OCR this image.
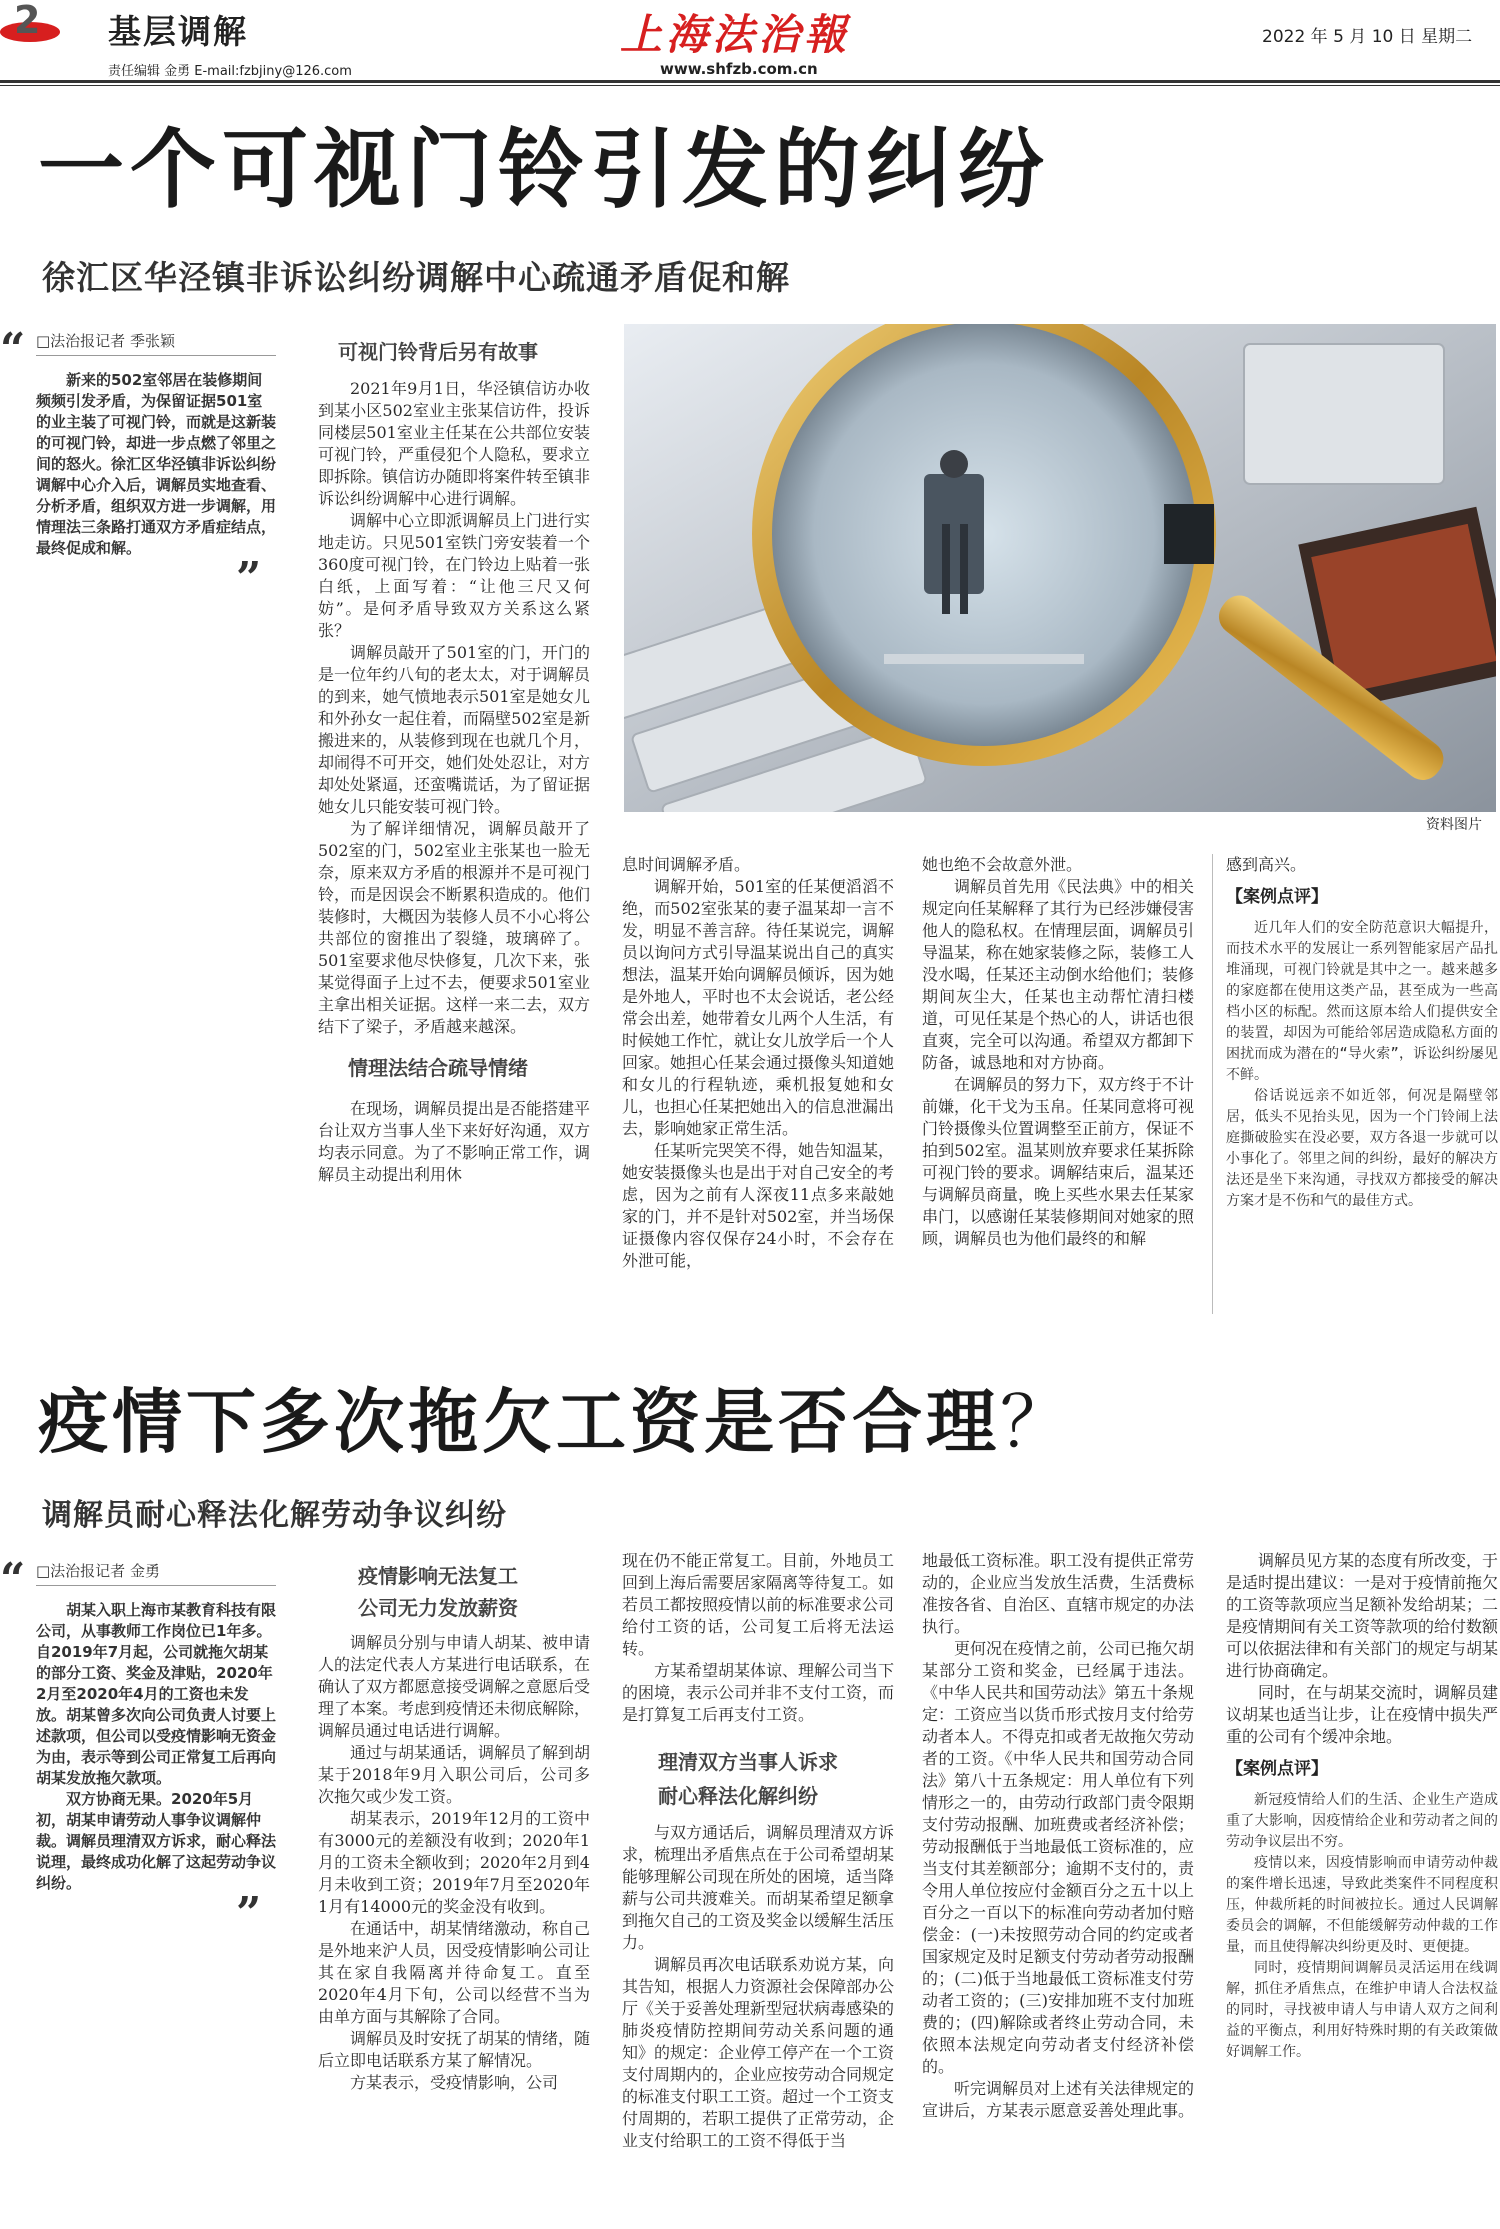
2 基层调解
责任编辑 金勇 E-mail:fzbjiny@126.com
上海法治報
www.shfzb.com.cn
2022 年 5 月 10 日 星期二
一个可视门铃引发的纠纷
徐汇区华泾镇非诉讼纠纷调解中心疏通矛盾促和解
“ □法治报记者 季张颖

新来的502室邻居在装修期间频频引发矛盾，为保留证据501室的业主装了可视门铃，而就是这新装的可视门铃，却进一步点燃了邻里之间的怒火。徐汇区华泾镇非诉讼纠纷调解中心介入后，调解员实地查看、分析矛盾，组织双方进一步调解，用情理法三条路打通双方矛盾症结点，最终促成和解。

”
资料图片
可视门铃背后另有故事

2021年9月1日，华泾镇信访办收到某小区502室业主张某信访件，投诉同楼层501室业主任某在公共部位安装可视门铃，严重侵犯个人隐私，要求立即拆除。镇信访办随即将案件转至镇非诉讼纠纷调解中心进行调解。

调解中心立即派调解员上门进行实地走访。只见501室铁门旁安装着一个360度可视门铃，在门铃边上贴着一张白纸，上面写着：“让他三尺又何妨”。是何矛盾导致双方关系这么紧张？

调解员敲开了501室的门，开门的是一位年约八旬的老太太，对于调解员的到来，她气愤地表示501室是她女儿和外孙女一起住着，而隔壁502室是新搬进来的，从装修到现在也就几个月，却闹得不可开交，她们处处忍让，对方却处处紧逼，还蛮嘴谎话，为了留证据她女儿只能安装可视门铃。

为了解详细情况，调解员敲开了502室的门，502室业主张某也一脸无奈，原来双方矛盾的根源并不是可视门铃，而是因误会不断累积造成的。他们装修时，大概因为装修人员不小心将公共部位的窗推出了裂缝，玻璃碎了。501室要求他尽快修复，几次下来，张某觉得面子上过不去，便要求501室业主拿出相关证据。这样一来二去，双方结下了梁子，矛盾越来越深。

情理法结合疏导情绪

在现场，调解员提出是否能搭建平台让双方当事人坐下来好好沟通，双方均表示同意。为了不影响正常工作，调解员主动提出利用休

息时间调解矛盾。

调解开始，501室的任某便滔滔不绝，而502室张某的妻子温某却一言不发，明显不善言辞。待任某说完，调解员以询问方式引导温某说出自己的真实想法，温某开始向调解员倾诉，因为她是外地人，平时也不太会说话，老公经常会出差，她带着女儿两个人生活，有时候她工作忙，就让女儿放学后一个人回家。她担心任某会通过摄像头知道她和女儿的行程轨迹，乘机报复她和女儿，也担心任某把她出入的信息泄漏出去，影响她家正常生活。

任某听完哭笑不得，她告知温某，她安装摄像头也是出于对自己安全的考虑，因为之前有人深夜11点多来敲她家的门，并不是针对502室，并当场保证摄像内容仅保存24小时，不会存在外泄可能，

她也绝不会故意外泄。

调解员首先用《民法典》中的相关规定向任某解释了其行为已经涉嫌侵害他人的隐私权。在情理层面，调解员引导温某，称在她家装修之际，装修工人没水喝，任某还主动倒水给他们；装修期间灰尘大，任某也主动帮忙清扫楼道，可见任某是个热心的人，讲话也很直爽，完全可以沟通。希望双方都卸下防备，诚恳地和对方协商。

在调解员的努力下，双方终于不计前嫌，化干戈为玉帛。任某同意将可视门铃摄像头位置调整至正前方，保证不拍到502室。温某则放弃要求任某拆除可视门铃的要求。调解结束后，温某还与调解员商量，晚上买些水果去任某家串门，以感谢任某装修期间对她家的照顾，调解员也为他们最终的和解

感到高兴。

【案例点评】

近几年人们的安全防范意识大幅提升，而技术水平的发展让一系列智能家居产品扎堆涌现，可视门铃就是其中之一。越来越多的家庭都在使用这类产品，甚至成为一些高档小区的标配。然而这原本给人们提供安全的装置，却因为可能给邻居造成隐私方面的困扰而成为潜在的“导火索”，诉讼纠纷屡见不鲜。

俗话说远亲不如近邻，何况是隔壁邻居，低头不见抬头见，因为一个门铃闹上法庭撕破脸实在没必要，双方各退一步就可以小事化了。邻里之间的纠纷，最好的解决方法还是坐下来沟通，寻找双方都接受的解决方案才是不伤和气的最佳方式。

疫情下多次拖欠工资是否合理？
调解员耐心释法化解劳动争议纠纷
“ □法治报记者 金勇

胡某入职上海市某教育科技有限公司，从事教师工作岗位已1年多。自2019年7月起，公司就拖欠胡某的部分工资、奖金及津贴，2020年2月至2020年4月的工资也未发放。胡某曾多次向公司负责人讨要上述款项，但公司以受疫情影响无资金为由，表示等到公司正常复工后再向胡某发放拖欠款项。

双方协商无果。2020年5月初，胡某申请劳动人事争议调解仲裁。调解员理清双方诉求，耐心释法说理，最终成功化解了这起劳动争议纠纷。

”
疫情影响无法复工
公司无力发放薪资

调解员分别与申请人胡某、被申请人的法定代表人方某进行电话联系，在确认了双方都愿意接受调解之意愿后受理了本案。考虑到疫情还未彻底解除，调解员通过电话进行调解。

通过与胡某通话，调解员了解到胡某于2018年9月入职公司后，公司多次拖欠或少发工资。

胡某表示，2019年12月的工资中有3000元的差额没有收到；2020年1月的工资未全额收到；2020年2月到4月未收到工资；2019年7月至2020年1月有14000元的奖金没有收到。

在通话中，胡某情绪激动，称自己是外地来沪人员，因受疫情影响公司让其在家自我隔离并待命复工。直至2020年4月下旬，公司以经营不当为由单方面与其解除了合同。

调解员及时安抚了胡某的情绪，随后立即电话联系方某了解情况。

方某表示，受疫情影响，公司

现在仍不能正常复工。目前，外地员工回到上海后需要居家隔离等待复工。如若员工都按照疫情以前的标准要求公司给付工资的话，公司复工后将无法运转。

方某希望胡某体谅、理解公司当下的困境，表示公司并非不支付工资，而是打算复工后再支付工资。

理清双方当事人诉求
耐心释法化解纠纷

与双方通话后，调解员理清双方诉求，梳理出矛盾焦点在于公司希望胡某能够理解公司现在所处的困境，适当降薪与公司共渡难关。而胡某希望足额拿到拖欠自己的工资及奖金以缓解生活压力。

调解员再次电话联系劝说方某，向其告知，根据人力资源社会保障部办公厅《关于妥善处理新型冠状病毒感染的肺炎疫情防控期间劳动关系问题的通知》的规定：企业停工停产在一个工资支付周期内的，企业应按劳动合同规定的标准支付职工工资。超过一个工资支付周期的，若职工提供了正常劳动，企业支付给职工的工资不得低于当

地最低工资标准。职工没有提供正常劳动的，企业应当发放生活费，生活费标准按各省、自治区、直辖市规定的办法执行。

更何况在疫情之前，公司已拖欠胡某部分工资和奖金，已经属于违法。《中华人民共和国劳动法》第五十条规定：工资应当以货币形式按月支付给劳动者本人。不得克扣或者无故拖欠劳动者的工资。《中华人民共和国劳动合同法》第八十五条规定：用人单位有下列情形之一的，由劳动行政部门责令限期支付劳动报酬、加班费或者经济补偿；劳动报酬低于当地最低工资标准的，应当支付其差额部分；逾期不支付的，责令用人单位按应付金额百分之五十以上百分之一百以下的标准向劳动者加付赔偿金：(一)未按照劳动合同的约定或者国家规定及时足额支付劳动者劳动报酬的；(二)低于当地最低工资标准支付劳动者工资的；(三)安排加班不支付加班费的；(四)解除或者终止劳动合同，未依照本法规定向劳动者支付经济补偿的。

听完调解员对上述有关法律规定的宣讲后，方某表示愿意妥善处理此事。

调解员见方某的态度有所改变，于是适时提出建议：一是对于疫情前拖欠的工资等款项应当足额补发给胡某；二是疫情期间有关工资等款项的给付数额可以依据法律和有关部门的规定与胡某进行协商确定。

同时，在与胡某交流时，调解员建议胡某也适当让步，让在疫情中损失严重的公司有个缓冲余地。

【案例点评】

新冠疫情给人们的生活、企业生产造成重了大影响，因疫情给企业和劳动者之间的劳动争议层出不穷。

疫情以来，因疫情影响而申请劳动仲裁的案件增长迅速，导致此类案件不同程度积压，仲裁所耗的时间被拉长。通过人民调解委员会的调解，不但能缓解劳动仲裁的工作量，而且使得解决纠纷更及时、更便捷。

同时，疫情期间调解员灵活运用在线调解，抓住矛盾焦点，在维护申请人合法权益的同时，寻找被申请人与申请人双方之间利益的平衡点，利用好特殊时期的有关政策做好调解工作。
